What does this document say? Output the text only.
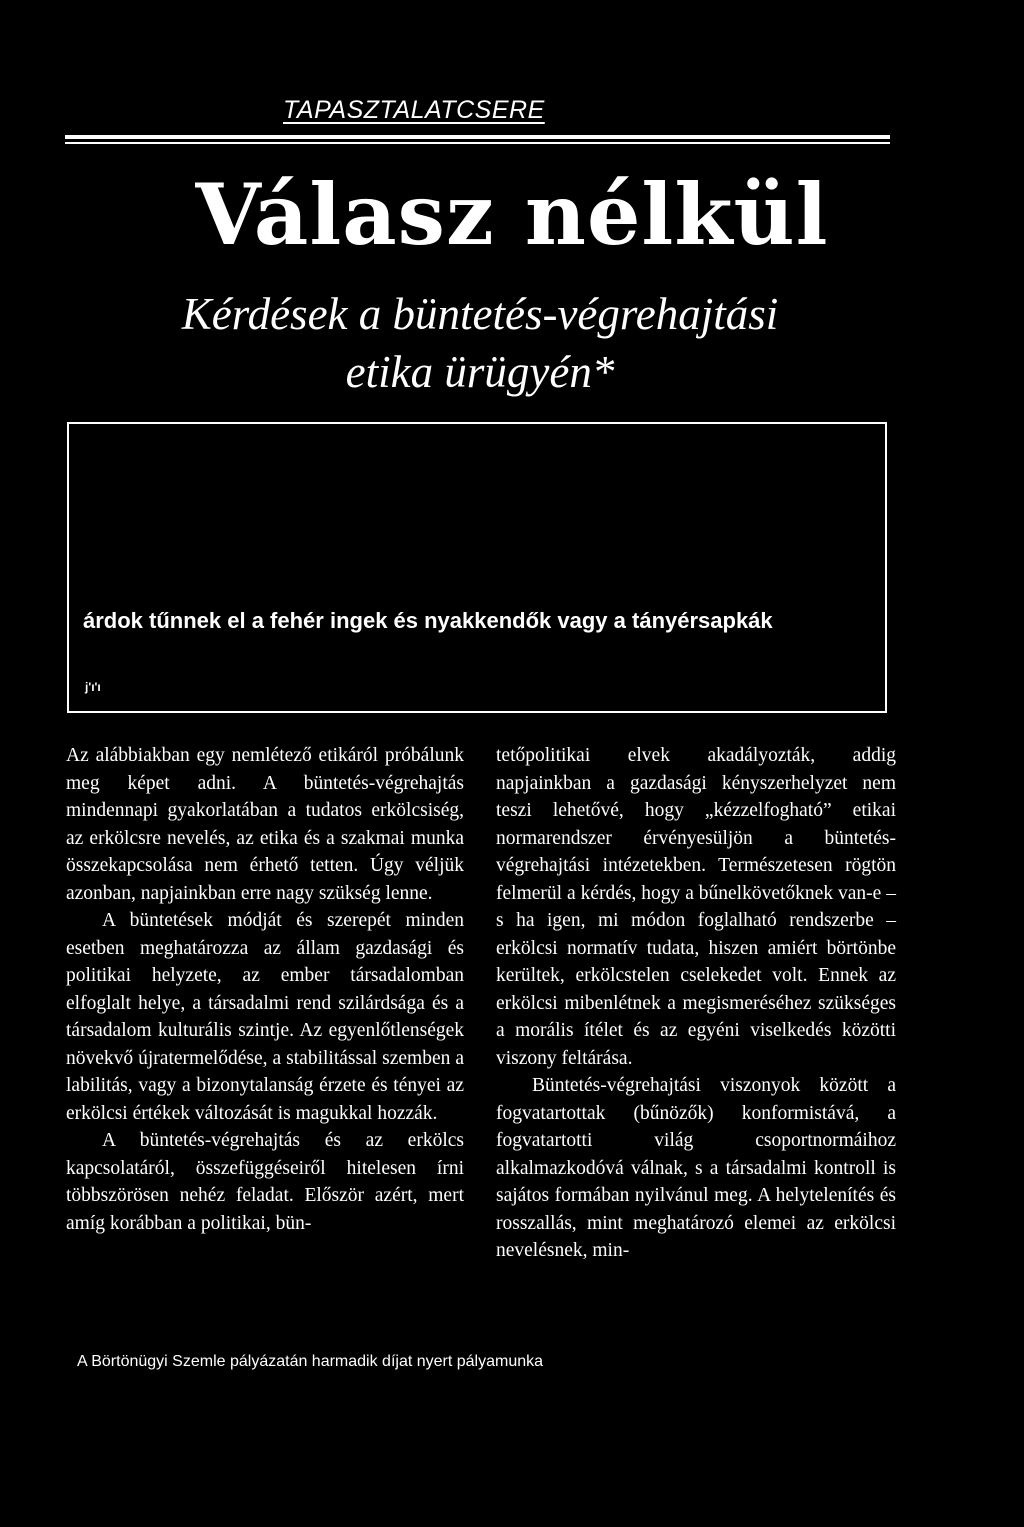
TAPASZTALATCSERE
Válasz nélkül
Kérdések a büntetés-végrehajtási
etika ürügyén*
árdok tűnnek el a fehér ingek és nyakkendők vagy a tányérsapkák
j'ı'ı

Az alábbiakban egy nemlétező etikáról próbálunk meg képet adni. A büntetés-végrehajtás mindennapi gyakorlatában a tudatos erkölcsiség, az erkölcsre nevelés, az etika és a szakmai munka összekapcsolása nem érhető tetten. Úgy véljük azonban, napjainkban erre nagy szükség lenne.

A büntetések módját és szerepét minden esetben meghatározza az állam gazdasági és politikai helyzete, az ember társadalomban elfoglalt helye, a társadalmi rend szilárdsága és a társadalom kulturális szintje. Az egyenlőtlenségek növekvő újratermelődése, a stabilitással szemben a labilitás, vagy a bizonytalanság érzete és tényei az erkölcsi értékek változását is magukkal hozzák.

A büntetés-végrehajtás és az erkölcs kapcsolatáról, összefüggéseiről hitelesen írni többszörösen nehéz feladat. Először azért, mert amíg korábban a politikai, bün-

tetőpolitikai elvek akadályozták, addig napjainkban a gazdasági kényszerhelyzet nem teszi lehetővé, hogy „kézzelfogható” etikai normarendszer érvényesüljön a büntetés-végrehajtási intézetekben. Természetesen rögtön felmerül a kérdés, hogy a bűnelkövetőknek van-e – s ha igen, mi módon foglalható rendszerbe – erkölcsi normatív tudata, hiszen amiért börtönbe kerültek, erkölcstelen cselekedet volt. Ennek az erkölcsi mibenlétnek a megismeréséhez szükséges a morális ítélet és az egyéni viselkedés közötti viszony feltárása.

Büntetés-végrehajtási viszonyok között a fogvatartottak (bűnözők) konformistává, a fogvatartotti világ csoportnormáihoz alkalmazkodóvá válnak, s a társadalmi kontroll is sajátos formában nyilvánul meg. A helytelenítés és rosszallás, mint meghatározó elemei az erkölcsi nevelésnek, min-

A Börtönügyi Szemle pályázatán harmadik díjat nyert pályamunka
